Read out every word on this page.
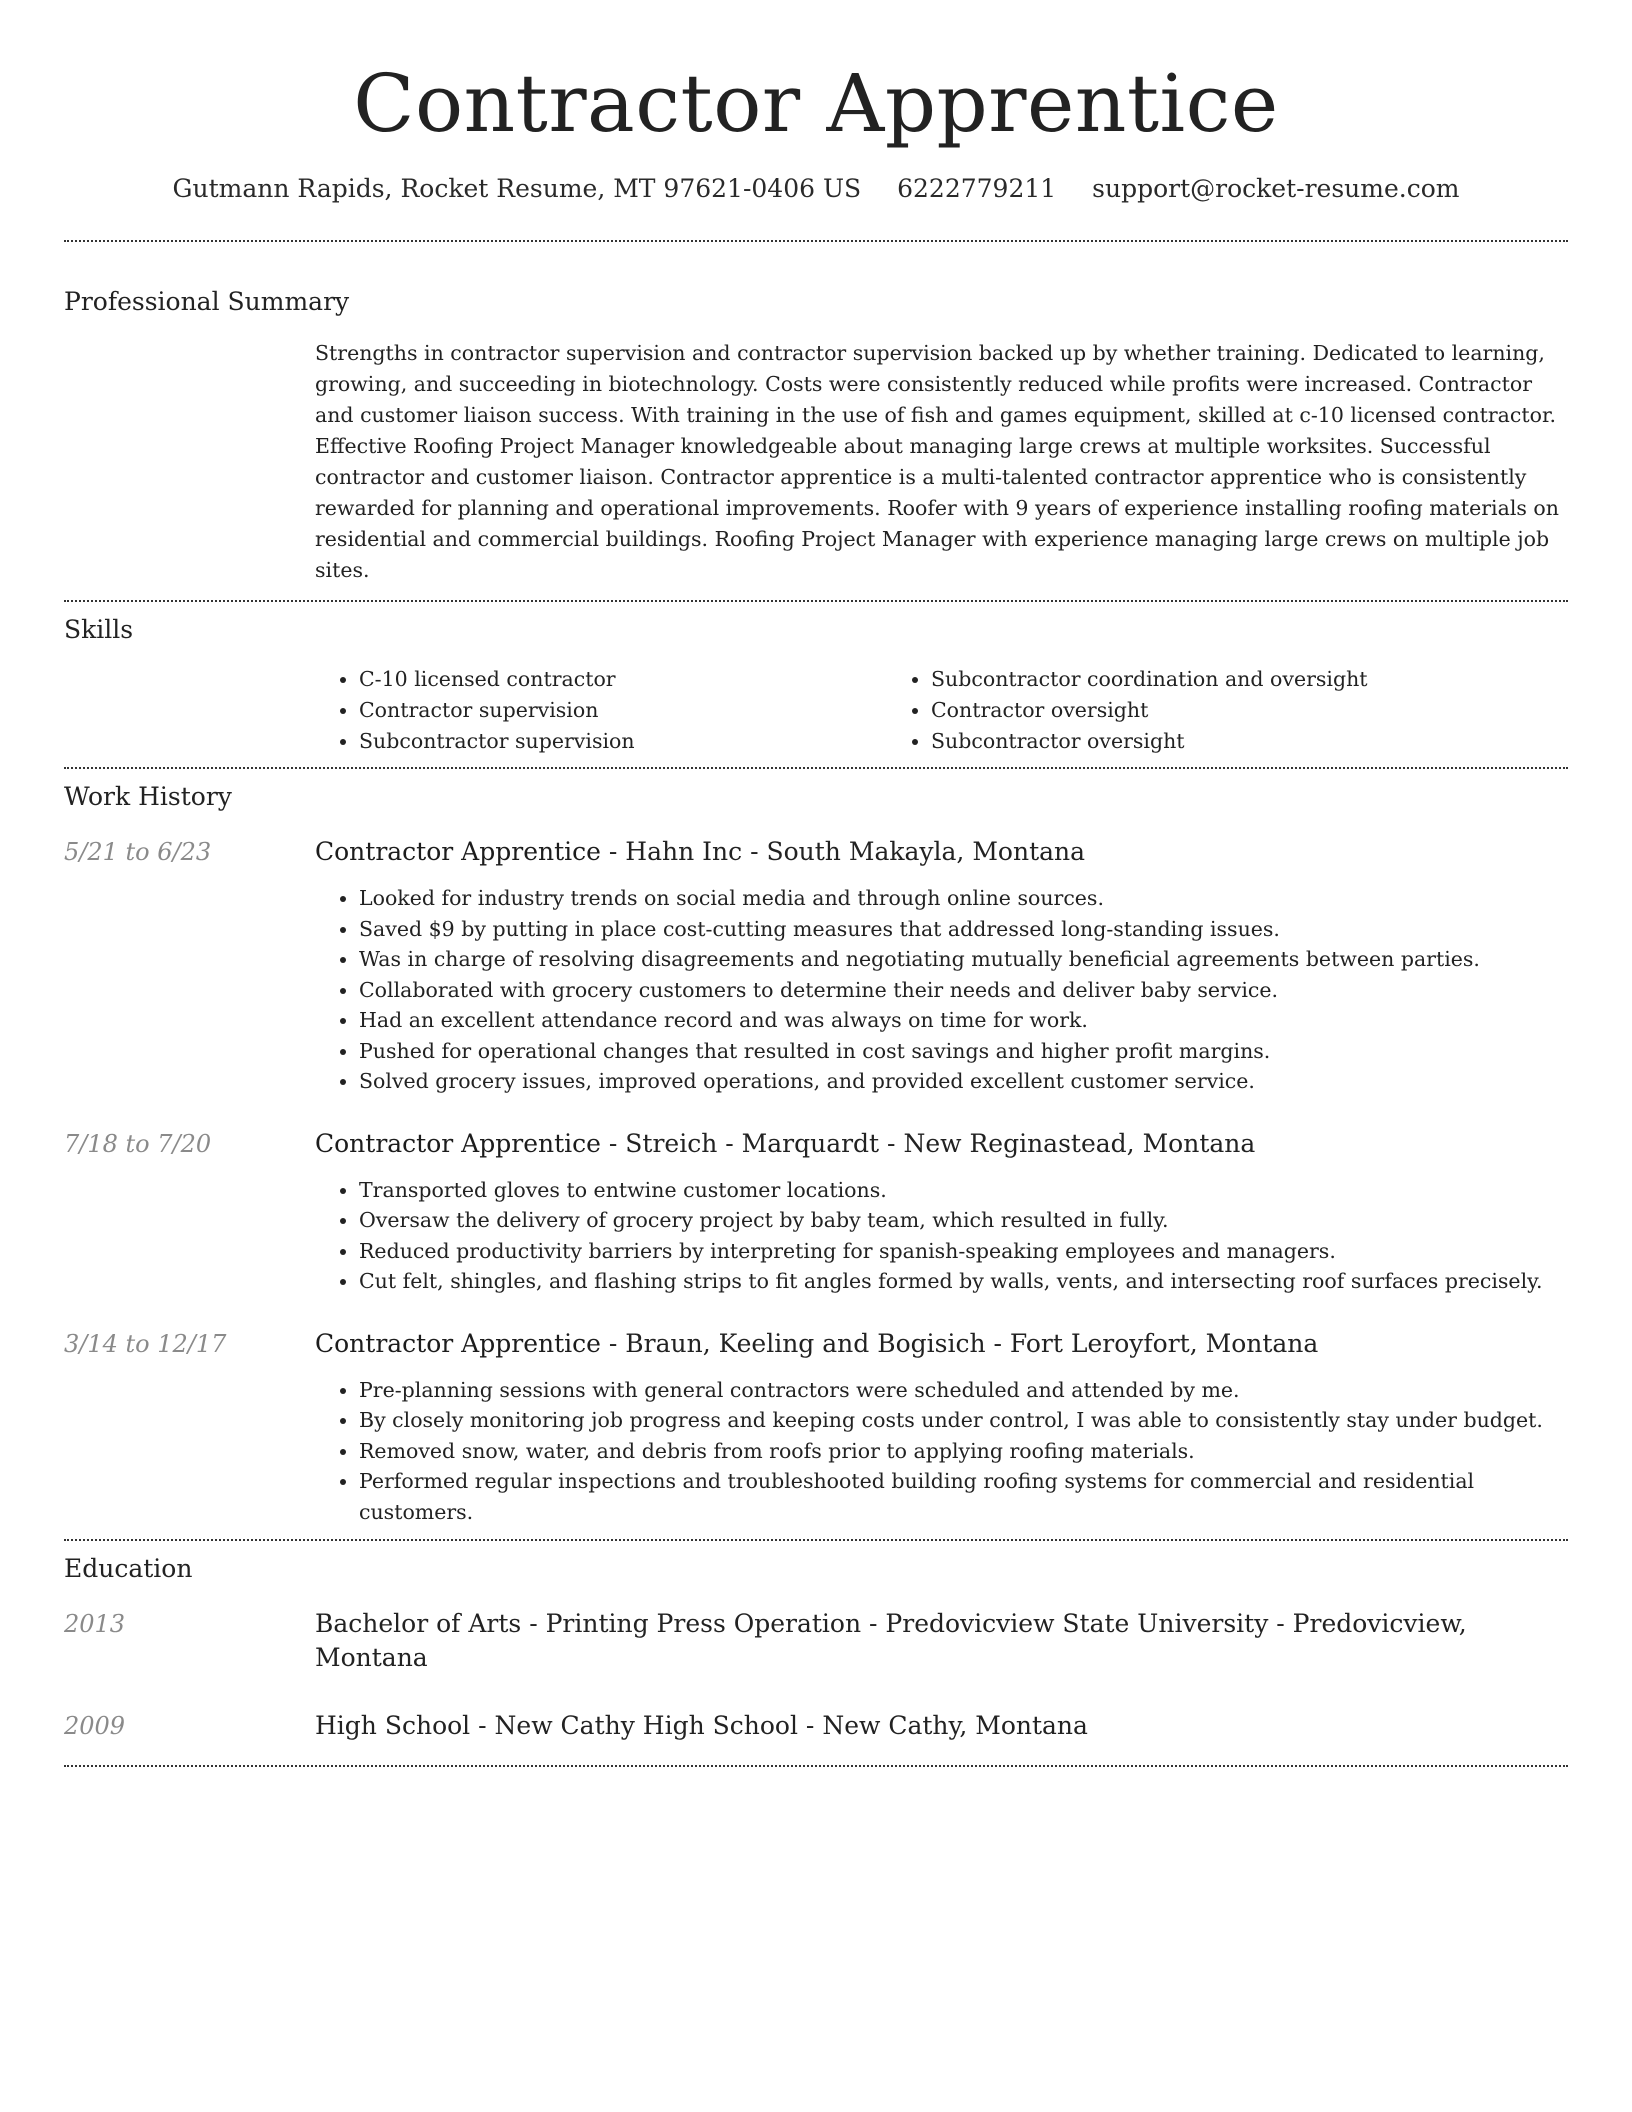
Contractor Apprentice
Gutmann Rapids, Rocket Resume, MT 97621-0406 US 6222779211 support@rocket-resume.com
Professional Summary

Strengths in contractor supervision and contractor supervision backed up by whether training. Dedicated to learning, growing, and succeeding in biotechnology. Costs were consistently reduced while profits were increased. Contractor and customer liaison success. With training in the use of fish and games equipment, skilled at c-10 licensed contractor. Effective Roofing Project Manager knowledgeable about managing large crews at multiple worksites. Successful contractor and customer liaison. Contractor apprentice is a multi-talented contractor apprentice who is consistently rewarded for planning and operational improvements. Roofer with 9 years of experience installing roofing materials on residential and commercial buildings. Roofing Project Manager with experience managing large crews on multiple job sites.

Skills
• C-10 licensed contractor
• Contractor supervision
• Subcontractor supervision
• Subcontractor coordination and oversight
• Contractor oversight
• Subcontractor oversight
Work History
5/21 to 6/23	Contractor Apprentice - Hahn Inc - South Makayla, Montana
• Looked for industry trends on social media and through online sources.
• Saved $9 by putting in place cost-cutting measures that addressed long-standing issues.
• Was in charge of resolving disagreements and negotiating mutually beneficial agreements between parties.
• Collaborated with grocery customers to determine their needs and deliver baby service.
• Had an excellent attendance record and was always on time for work.
• Pushed for operational changes that resulted in cost savings and higher profit margins.
• Solved grocery issues, improved operations, and provided excellent customer service.
7/18 to 7/20	Contractor Apprentice - Streich - Marquardt - New Reginastead, Montana
• Transported gloves to entwine customer locations.
• Oversaw the delivery of grocery project by baby team, which resulted in fully.
• Reduced productivity barriers by interpreting for spanish-speaking employees and managers.
• Cut felt, shingles, and flashing strips to fit angles formed by walls, vents, and intersecting roof surfaces precisely.
3/14 to 12/17	Contractor Apprentice - Braun, Keeling and Bogisich - Fort Leroyfort, Montana
• Pre-planning sessions with general contractors were scheduled and attended by me.
• By closely monitoring job progress and keeping costs under control, I was able to consistently stay under budget.
• Removed snow, water, and debris from roofs prior to applying roofing materials.
• Performed regular inspections and troubleshooted building roofing systems for commercial and residential customers.
Education
2013	Bachelor of Arts - Printing Press Operation - Predovicview State University - Predovicview, Montana
2009	High School - New Cathy High School - New Cathy, Montana
